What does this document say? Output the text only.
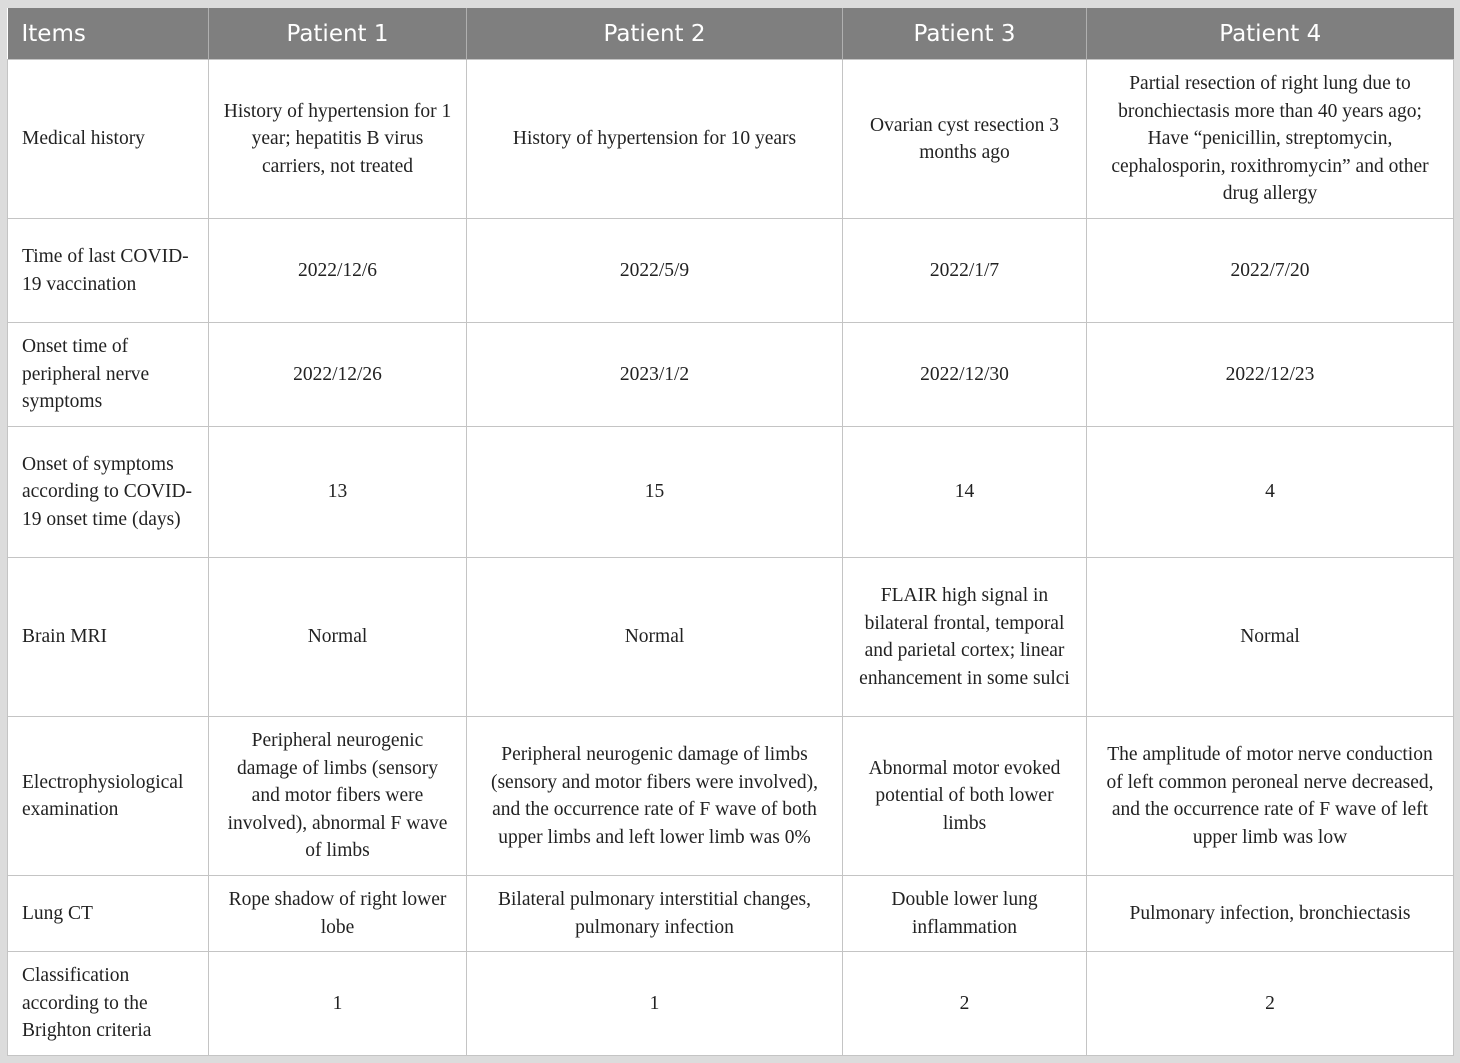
Items	Patient 1	Patient 2	Patient 3	Patient 4
Medical history	History of hypertension for 1 year; hepatitis B virus carriers, not treated	History of hypertension for 10 years	Ovarian cyst resection 3 months ago	Partial resection of right lung due to bronchiectasis more than 40 years ago; Have “penicillin, streptomycin, cephalosporin, roxithromycin” and other drug allergy
Time of last COVID-19 vaccination	2022/12/6	2022/5/9	2022/1/7	2022/7/20
Onset time of peripheral nerve symptoms	2022/12/26	2023/1/2	2022/12/30	2022/12/23
Onset of symptoms according to COVID-19 onset time (days)	13	15	14	4
Brain MRI	Normal	Normal	FLAIR high signal in bilateral frontal, temporal and parietal cortex; linear enhancement in some sulci	Normal
Electrophysiological examination	Peripheral neurogenic damage of limbs (sensory and motor fibers were involved), abnormal F wave of limbs	Peripheral neurogenic damage of limbs (sensory and motor fibers were involved), and the occurrence rate of F wave of both upper limbs and left lower limb was 0%	Abnormal motor evoked potential of both lower limbs	The amplitude of motor nerve conduction of left common peroneal nerve decreased, and the occurrence rate of F wave of left upper limb was low
Lung CT	Rope shadow of right lower lobe	Bilateral pulmonary interstitial changes, pulmonary infection	Double lower lung inflammation	Pulmonary infection, bronchiectasis
Classification according to the Brighton criteria	1	1	2	2
